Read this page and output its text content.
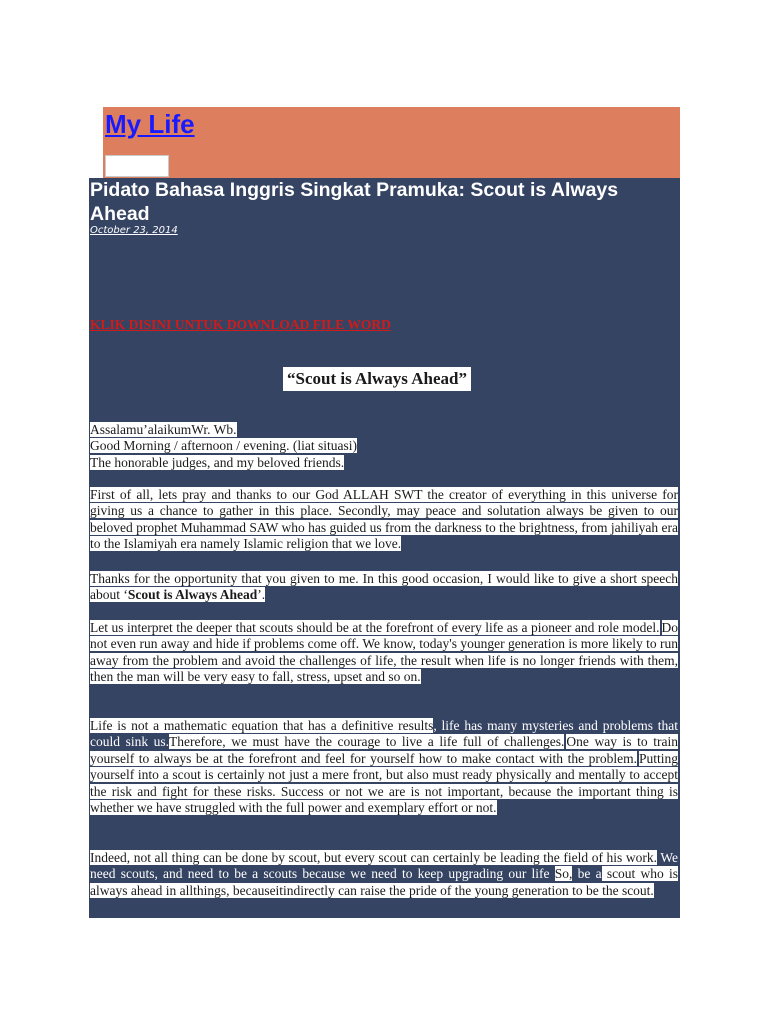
My Life
Pidato Bahasa Inggris Singkat Pramuka: Scout is Always Ahead
October 23, 2014
KLIK DISINI UNTUK DOWNLOAD FILE WORD
“Scout is Always Ahead”

Assalamu’alaikumWr. Wb.

Good Morning / afternoon / evening. (liat situasi)

The honorable judges, and my beloved friends.

First of all, lets pray and thanks to our God ALLAH SWT the creator of everything in this universe for giving us a chance to gather in this place. Secondly, may peace and solutation always be given to our beloved prophet Muhammad SAW who has guided us from the darkness to the brightness, from jahiliyah era to the Islamiyah era namely Islamic religion that we love.

Thanks for the opportunity that you given to me. In this good occasion, I would like to give a short speech about ‘Scout is Always Ahead’.

Let us interpret the deeper that scouts should be at the forefront of every life as a pioneer and role model. Do not even run away and hide if problems come off. We know, today's younger generation is more likely to run away from the problem and avoid the challenges of life, the result when life is no longer friends with them, then the man will be very easy to fall, stress, upset and so on.

Life is not a mathematic equation that has a definitive results, life has many mysteries and problems that could sink us.Therefore, we must have the courage to live a life full of challenges. One way is to train yourself to always be at the forefront and feel for yourself how to make contact with the problem. Putting yourself into a scout is certainly not just a mere front, but also must ready physically and mentally to accept the risk and fight for these risks. Success or not we are is not important, because the important thing is whether we have struggled with the full power and exemplary effort or not.

Indeed, not all thing can be done by scout, but every scout can certainly be leading the field of his work. We need scouts, and need to be a scouts because we need to keep upgrading our life So, be a scout who is always ahead in allthings, becauseitindirectly can raise the pride of the young generation to be the scout.
